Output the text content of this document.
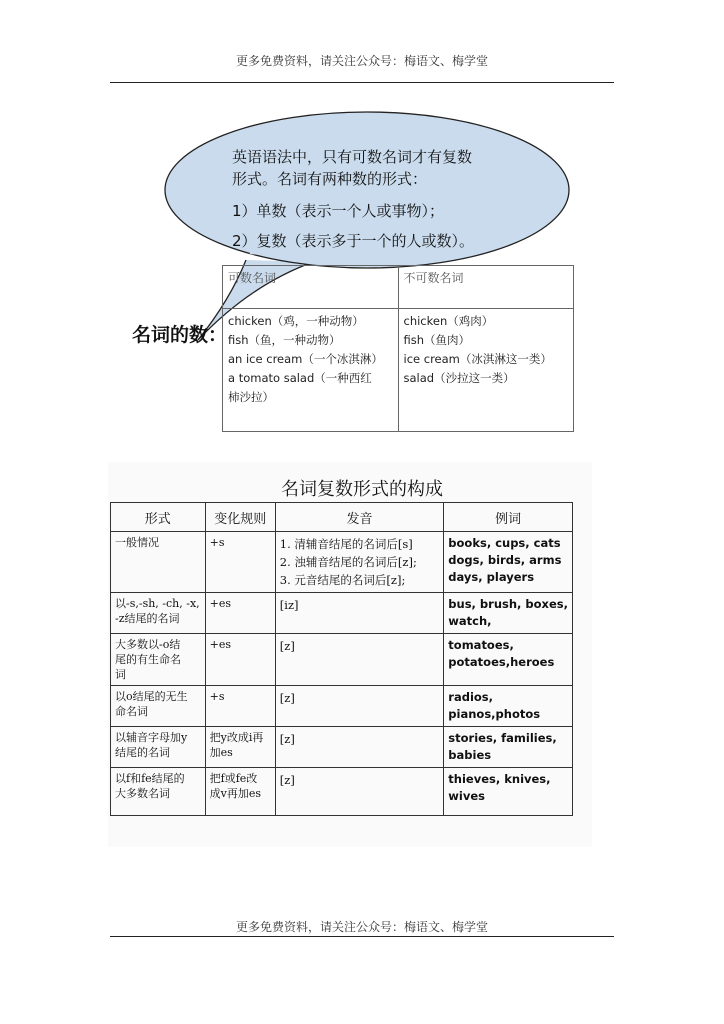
更多免费资料，请关注公众号：梅语文、梅学堂
英语语法中，只有可数名词才有复数
形式。名词有两种数的形式：
1）单数（表示一个人或事物）；
2）复数（表示多于一个的人或数）。
名词的数：
可数名词	不可数名词

chicken（鸡，一种动物）
fish（鱼，一种动物）
an ice cream（一个冰淇淋）
a tomato salad（一种西红
柿沙拉）	chicken（鸡肉）
fish（鱼肉）
ice cream（冰淇淋这一类）
salad（沙拉这一类）
名词复数形式的构成
形式	变化规则	发音	例词

一般情况	+s	1. 清辅音结尾的名词后[s]
2. 浊辅音结尾的名词后[z];
3. 元音结尾的名词后[z];	books, cups, cats
dogs, birds, arms
days, players

以-s,-sh, -ch, -x,
-z结尾的名词	+es	[iz]	bus, brush, boxes,
watch,

大多数以-o结
尾的有生命名
词	+es	[z]	tomatoes,
potatoes,heroes

以o结尾的无生
命名词	+s	[z]	radios,
pianos,photos

以辅音字母加y
结尾的名词	把y改成i再
加es	[z]	stories, families,
babies

以f和fe结尾的
大多数名词	把f或fe改
成v再加es	[z]	thieves, knives,
wives
更多免费资料，请关注公众号：梅语文、梅学堂
